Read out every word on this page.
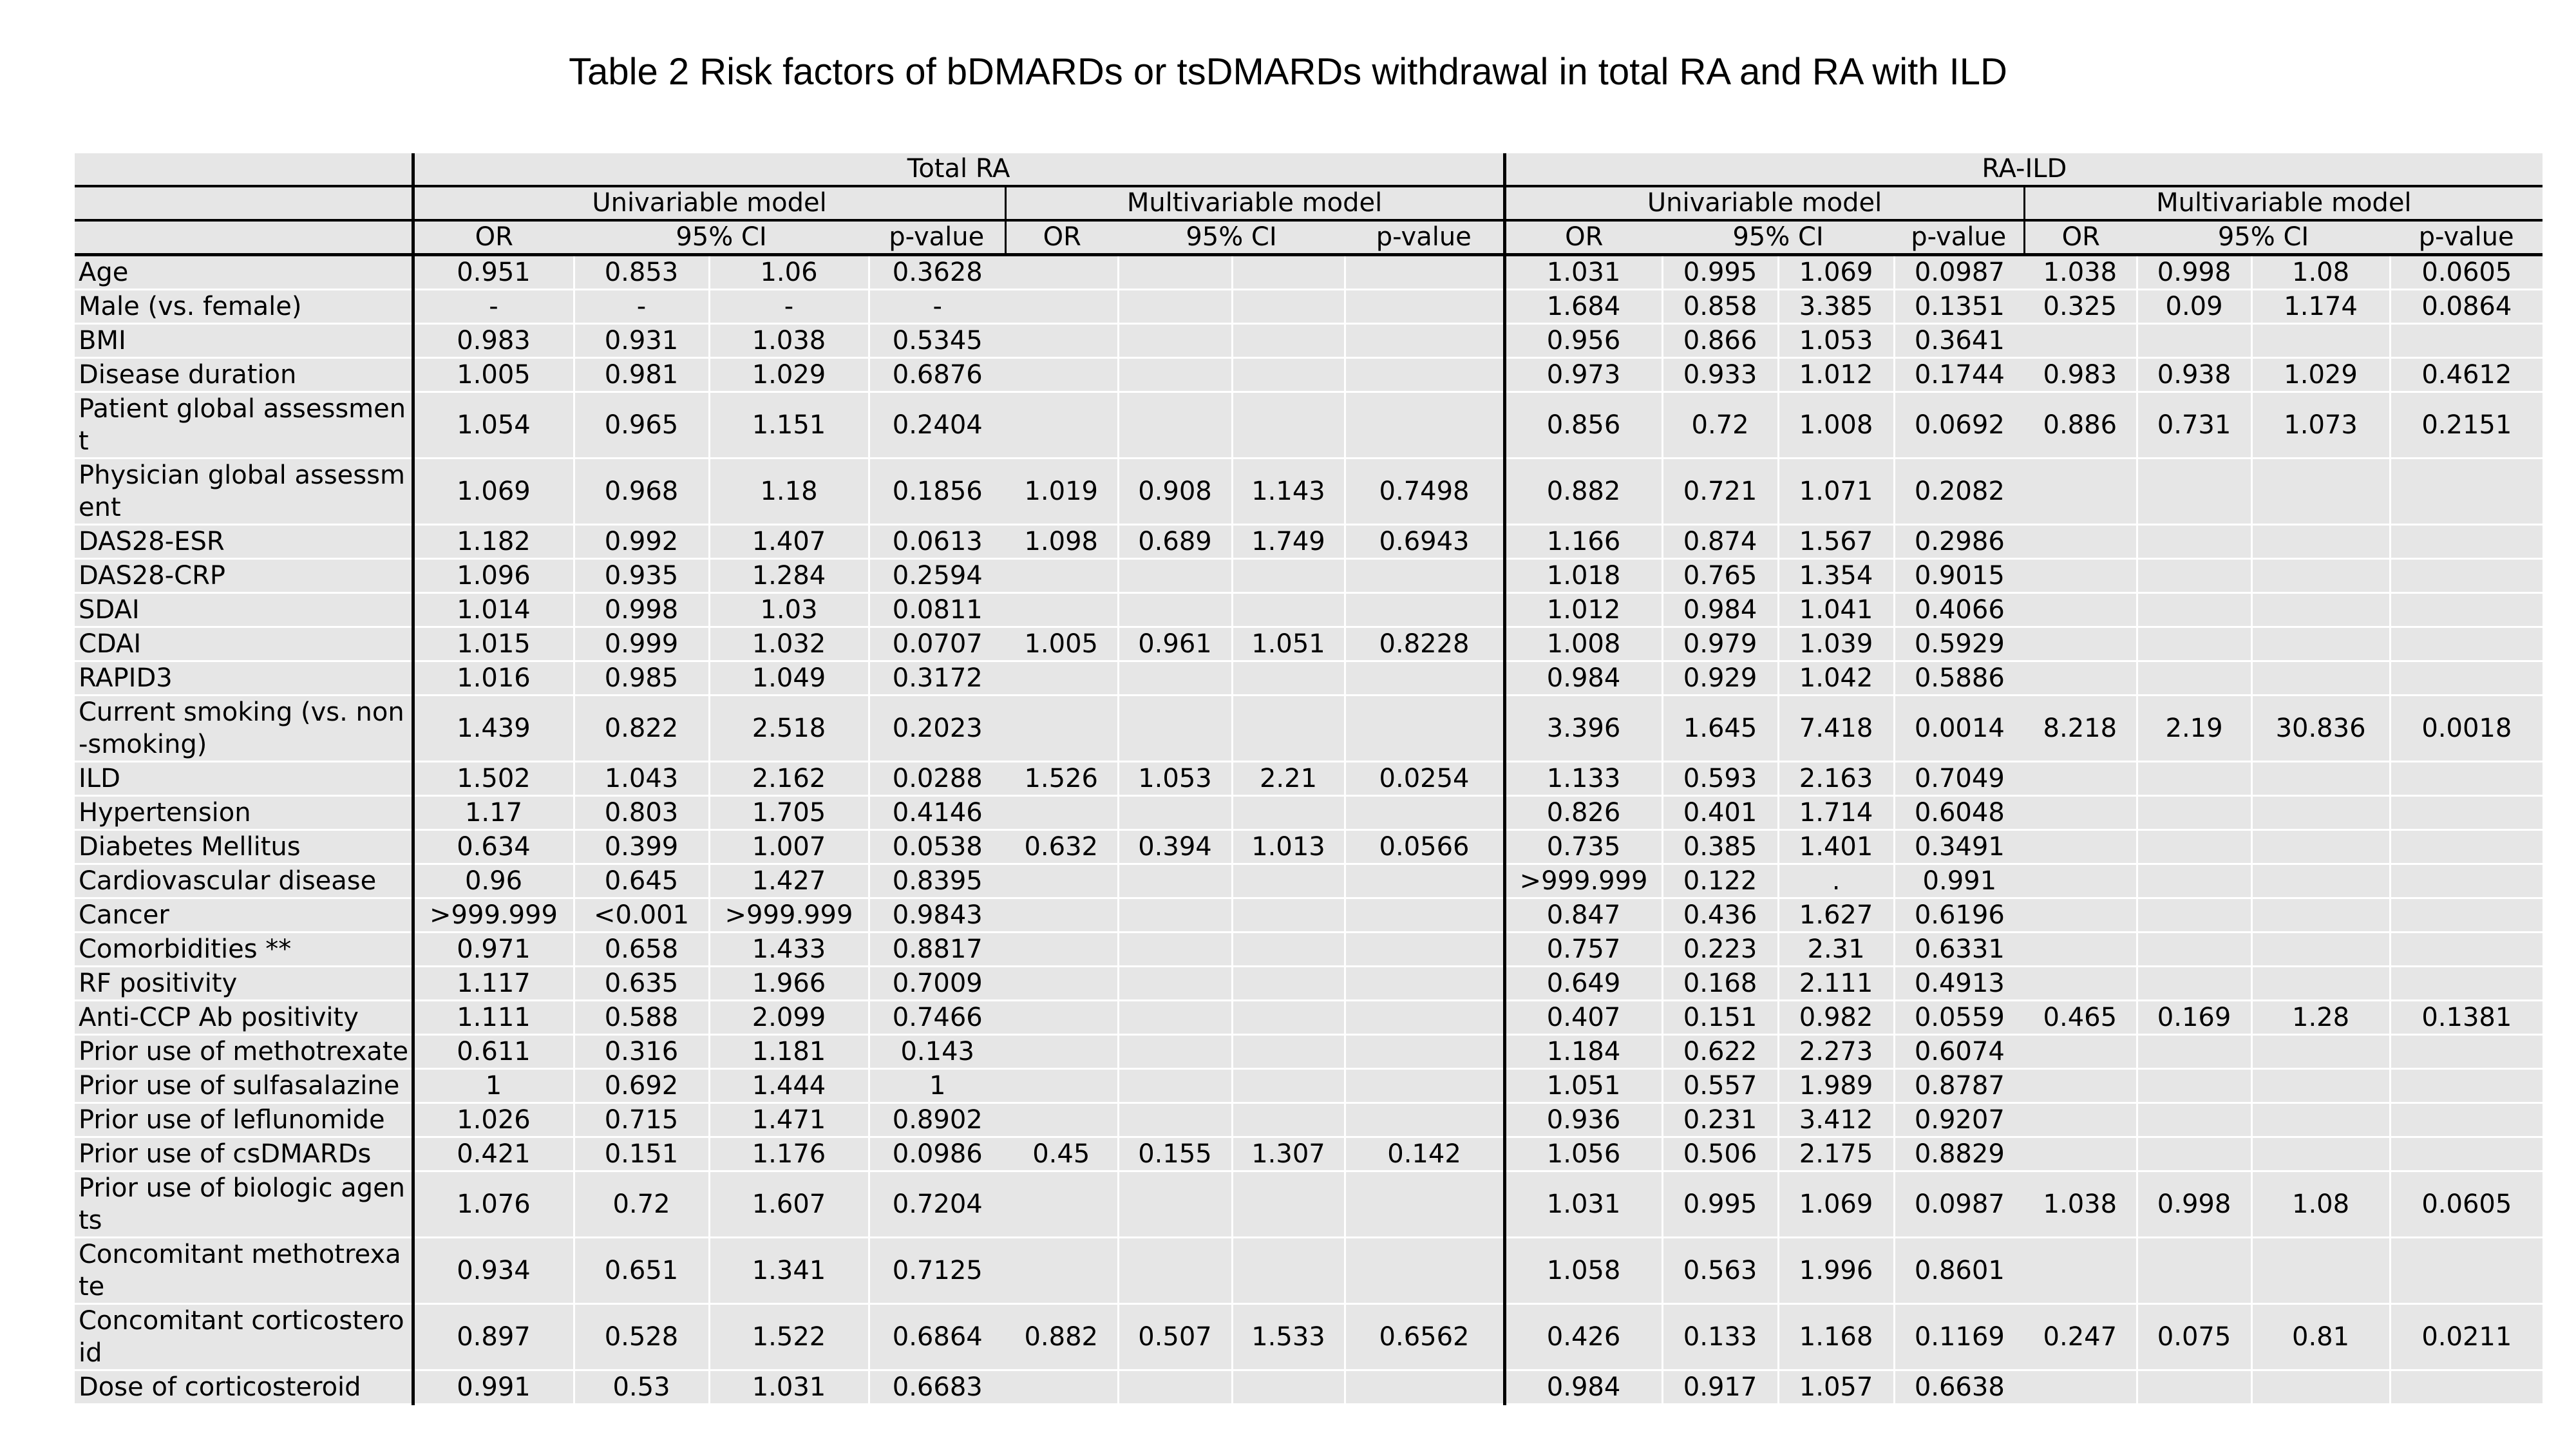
Table 2 Risk factors of bDMARDs or tsDMARDs withdrawal in total RA and RA with ILD
	Total RA								RA-ILD							
	Univariable model				Multivariable model				Univariable model				Multivariable model			
	OR	95% CI		p-value	OR	95% CI		p-value	OR	95% CI		p-value	OR	95% CI		p-value
Age	0.951	0.853	1.06	0.3628					1.031	0.995	1.069	0.0987	1.038	0.998	1.08	0.0605
Male (vs. female)	-	-	-	-					1.684	0.858	3.385	0.1351	0.325	0.09	1.174	0.0864
BMI	0.983	0.931	1.038	0.5345					0.956	0.866	1.053	0.3641				
Disease duration	1.005	0.981	1.029	0.6876					0.973	0.933	1.012	0.1744	0.983	0.938	1.029	0.4612
Patient global assessment	1.054	0.965	1.151	0.2404					0.856	0.72	1.008	0.0692	0.886	0.731	1.073	0.2151
Physician global assessment	1.069	0.968	1.18	0.1856	1.019	0.908	1.143	0.7498	0.882	0.721	1.071	0.2082				
DAS28-ESR	1.182	0.992	1.407	0.0613	1.098	0.689	1.749	0.6943	1.166	0.874	1.567	0.2986				
DAS28-CRP	1.096	0.935	1.284	0.2594					1.018	0.765	1.354	0.9015				
SDAI	1.014	0.998	1.03	0.0811					1.012	0.984	1.041	0.4066				
CDAI	1.015	0.999	1.032	0.0707	1.005	0.961	1.051	0.8228	1.008	0.979	1.039	0.5929				
RAPID3	1.016	0.985	1.049	0.3172					0.984	0.929	1.042	0.5886				
Current smoking (vs. non-smoking)	1.439	0.822	2.518	0.2023					3.396	1.645	7.418	0.0014	8.218	2.19	30.836	0.0018
ILD	1.502	1.043	2.162	0.0288	1.526	1.053	2.21	0.0254	1.133	0.593	2.163	0.7049				
Hypertension	1.17	0.803	1.705	0.4146					0.826	0.401	1.714	0.6048				
Diabetes Mellitus	0.634	0.399	1.007	0.0538	0.632	0.394	1.013	0.0566	0.735	0.385	1.401	0.3491				
Cardiovascular disease	0.96	0.645	1.427	0.8395					>999.999	0.122	.	0.991				
Cancer	>999.999	<0.001	>999.999	0.9843					0.847	0.436	1.627	0.6196				
Comorbidities **	0.971	0.658	1.433	0.8817					0.757	0.223	2.31	0.6331				
RF positivity	1.117	0.635	1.966	0.7009					0.649	0.168	2.111	0.4913				
Anti-CCP Ab positivity	1.111	0.588	2.099	0.7466					0.407	0.151	0.982	0.0559	0.465	0.169	1.28	0.1381
Prior use of methotrexate	0.611	0.316	1.181	0.143					1.184	0.622	2.273	0.6074				
Prior use of sulfasalazine	1	0.692	1.444	1					1.051	0.557	1.989	0.8787				
Prior use of leflunomide	1.026	0.715	1.471	0.8902					0.936	0.231	3.412	0.9207				
Prior use of csDMARDs	0.421	0.151	1.176	0.0986	0.45	0.155	1.307	0.142	1.056	0.506	2.175	0.8829				
Prior use of biologic agents	1.076	0.72	1.607	0.7204					1.031	0.995	1.069	0.0987	1.038	0.998	1.08	0.0605
Concomitant methotrexate	0.934	0.651	1.341	0.7125					1.058	0.563	1.996	0.8601				
Concomitant corticosteroid	0.897	0.528	1.522	0.6864	0.882	0.507	1.533	0.6562	0.426	0.133	1.168	0.1169	0.247	0.075	0.81	0.0211
Dose of corticosteroid	0.991	0.53	1.031	0.6683					0.984	0.917	1.057	0.6638				
